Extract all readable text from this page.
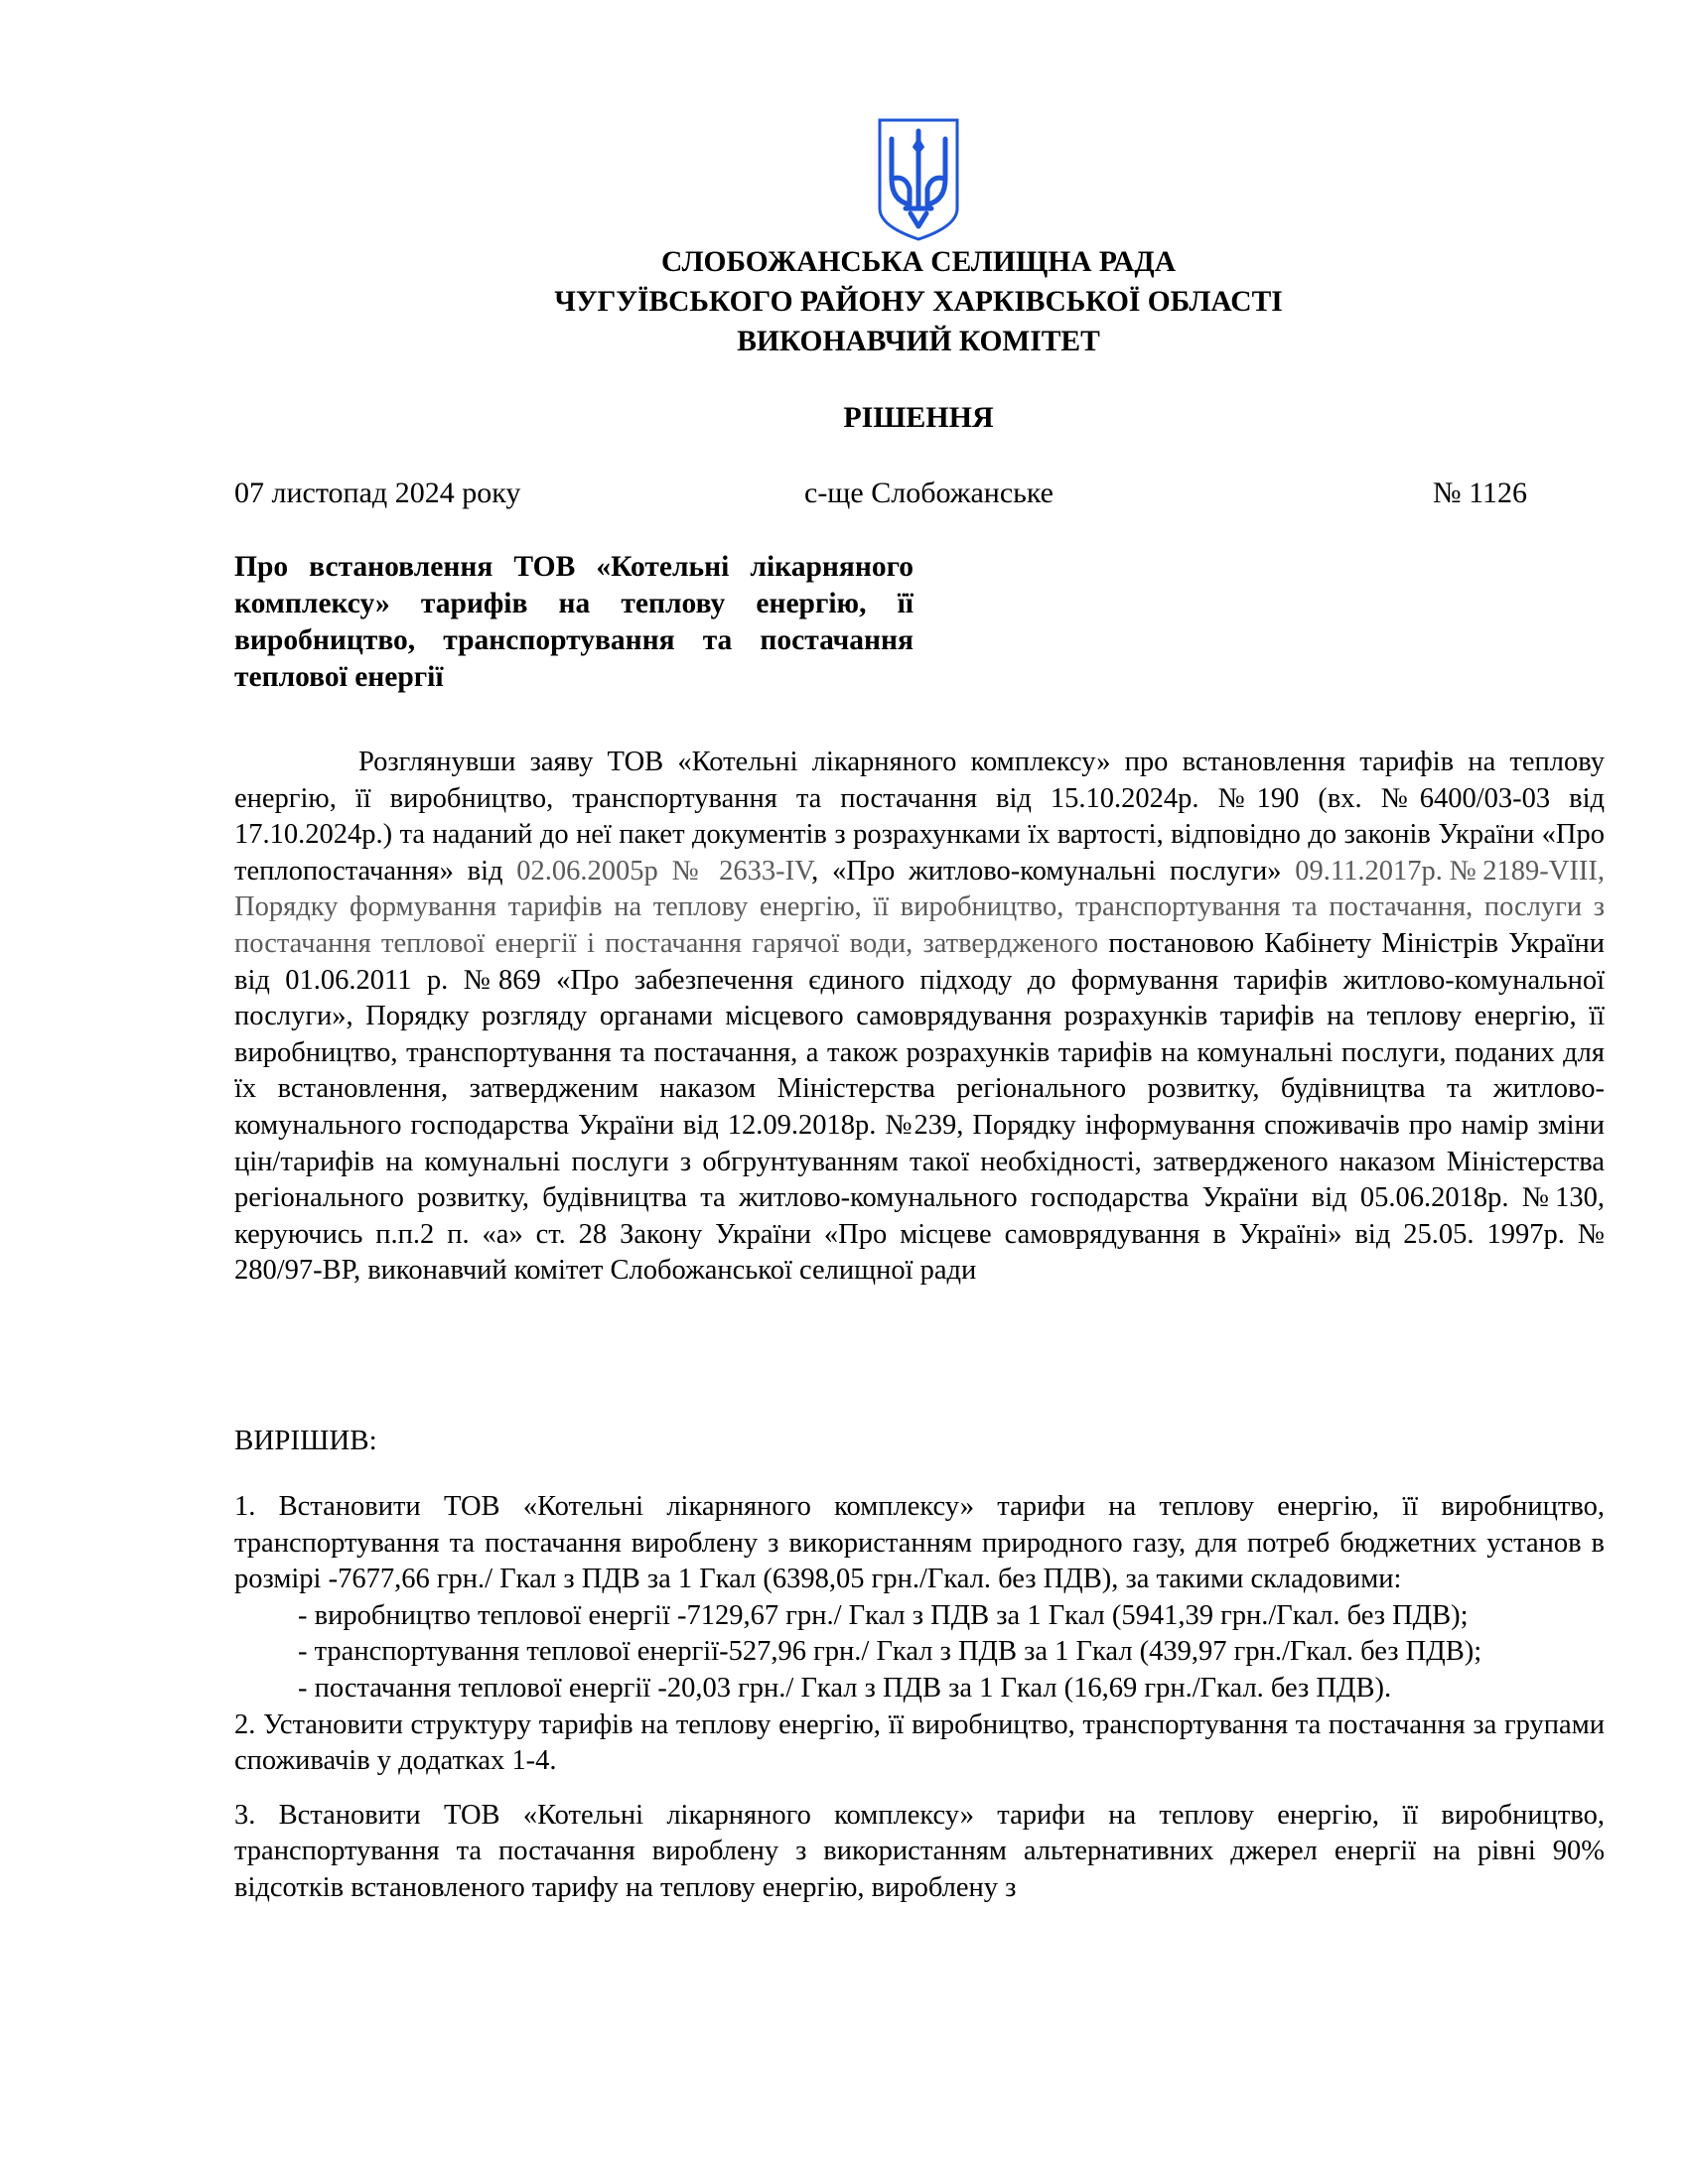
СЛОБОЖАНСЬКА СЕЛИЩНА РАДА
ЧУГУЇВСЬКОГО РАЙОНУ ХАРКІВСЬКОЇ ОБЛАСТІ
ВИКОНАВЧИЙ КОМІТЕТ
РІШЕННЯ
07 листопад 2024 року	с-ще Слобожанське	№ 1126
Про встановлення ТОВ «Котельні лікарняного комплексу» тарифів на теплову енергію, її виробництво, транспортування та постачання теплової енергії
Розглянувши заяву ТОВ «Котельні лікарняного комплексу» про встановлення тарифів на теплову енергію, її виробництво, транспортування та постачання від 15.10.2024р. №190 (вх. №6400/03-03 від 17.10.2024р.) та наданий до неї пакет документів з розрахунками їх вартості, відповідно до законів України «Про теплопостачання» від 02.06.2005р № 2633-IV, «Про житлово-комунальні послуги» 09.11.2017р.№2189-VIII, Порядку формування тарифів на теплову енергію, її виробництво, транспортування та постачання, послуги з постачання теплової енергії і постачання гарячої води, затвердженого постановою Кабінету Міністрів України від 01.06.2011 р. №869 «Про забезпечення єдиного підходу до формування тарифів житлово-комунальної послуги», Порядку розгляду органами місцевого самоврядування розрахунків тарифів на теплову енергію, її виробництво, транспортування та постачання, а також розрахунків тарифів на комунальні послуги, поданих для їх встановлення, затвердженим наказом Міністерства регіонального розвитку, будівництва та житлово-комунального господарства України від 12.09.2018р. №239, Порядку інформування споживачів про намір зміни цін/тарифів на комунальні послуги з обгрунтуванням такої необхідності, затвердженого наказом Міністерства регіонального розвитку, будівництва та житлово-комунального господарства України від 05.06.2018р. №130, керуючись п.п.2 п. «а» ст. 28 Закону України «Про місцеве самоврядування в Україні» від 25.05. 1997р. № 280/97-ВР, виконавчий комітет Слобожанської селищної ради
ВИРІШИВ:

1. Встановити ТОВ «Котельні лікарняного комплексу» тарифи на теплову енергію, її виробництво, транспортування та постачання вироблену з використанням природного газу, для потреб бюджетних установ в розмірі -7677,66 грн./ Гкал з ПДВ за 1 Гкал (6398,05 грн./Гкал. без ПДВ), за такими складовими:

- виробництво теплової енергії -7129,67 грн./ Гкал з ПДВ за 1 Гкал (5941,39 грн./Гкал. без ПДВ);

- транспортування теплової енергії-527,96 грн./ Гкал з ПДВ за 1 Гкал (439,97 грн./Гкал. без ПДВ);

- постачання теплової енергії -20,03 грн./ Гкал з ПДВ за 1 Гкал (16,69 грн./Гкал. без ПДВ).

2. Установити структуру тарифів на теплову енергію, її виробництво, транспортування та постачання за групами споживачів у додатках 1-4.

3. Встановити ТОВ «Котельні лікарняного комплексу» тарифи на теплову енергію, її виробництво, транспортування та постачання вироблену з використанням альтернативних джерел енергії на рівні 90% відсотків встановленого тарифу на теплову енергію, вироблену з
